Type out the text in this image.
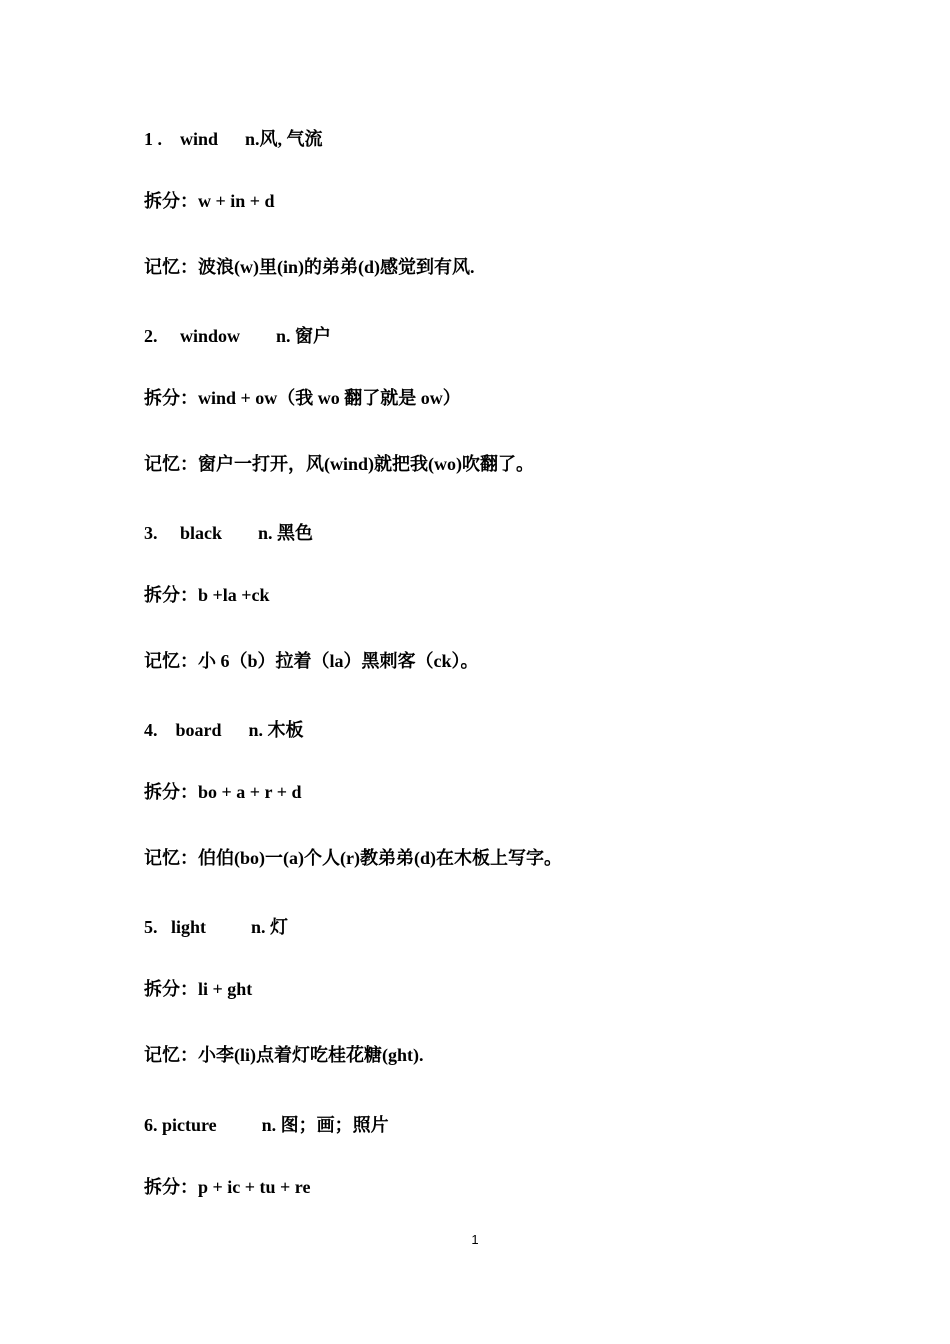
1 .    wind      n.风, 气流
拆分：w + in + d
记忆：波浪(w)里(in)的弟弟(d)感觉到有风.
2.     window        n. 窗户
拆分：wind + ow（我 wo 翻了就是 ow）
记忆：窗户一打开，风(wind)就把我(wo)吹翻了。
3.     black        n. 黑色
拆分：b +la +ck
记忆：小 6（b）拉着（la）黑刺客（ck）。
4.    board      n. 木板
拆分：bo + a + r + d
记忆：伯伯(bo)一(a)个人(r)教弟弟(d)在木板上写字。
5.   light          n. 灯
拆分：li + ght
记忆：小李(li)点着灯吃桂花糖(ght).
6. picture          n. 图；画；照片
拆分：p + ic + tu + re
1
